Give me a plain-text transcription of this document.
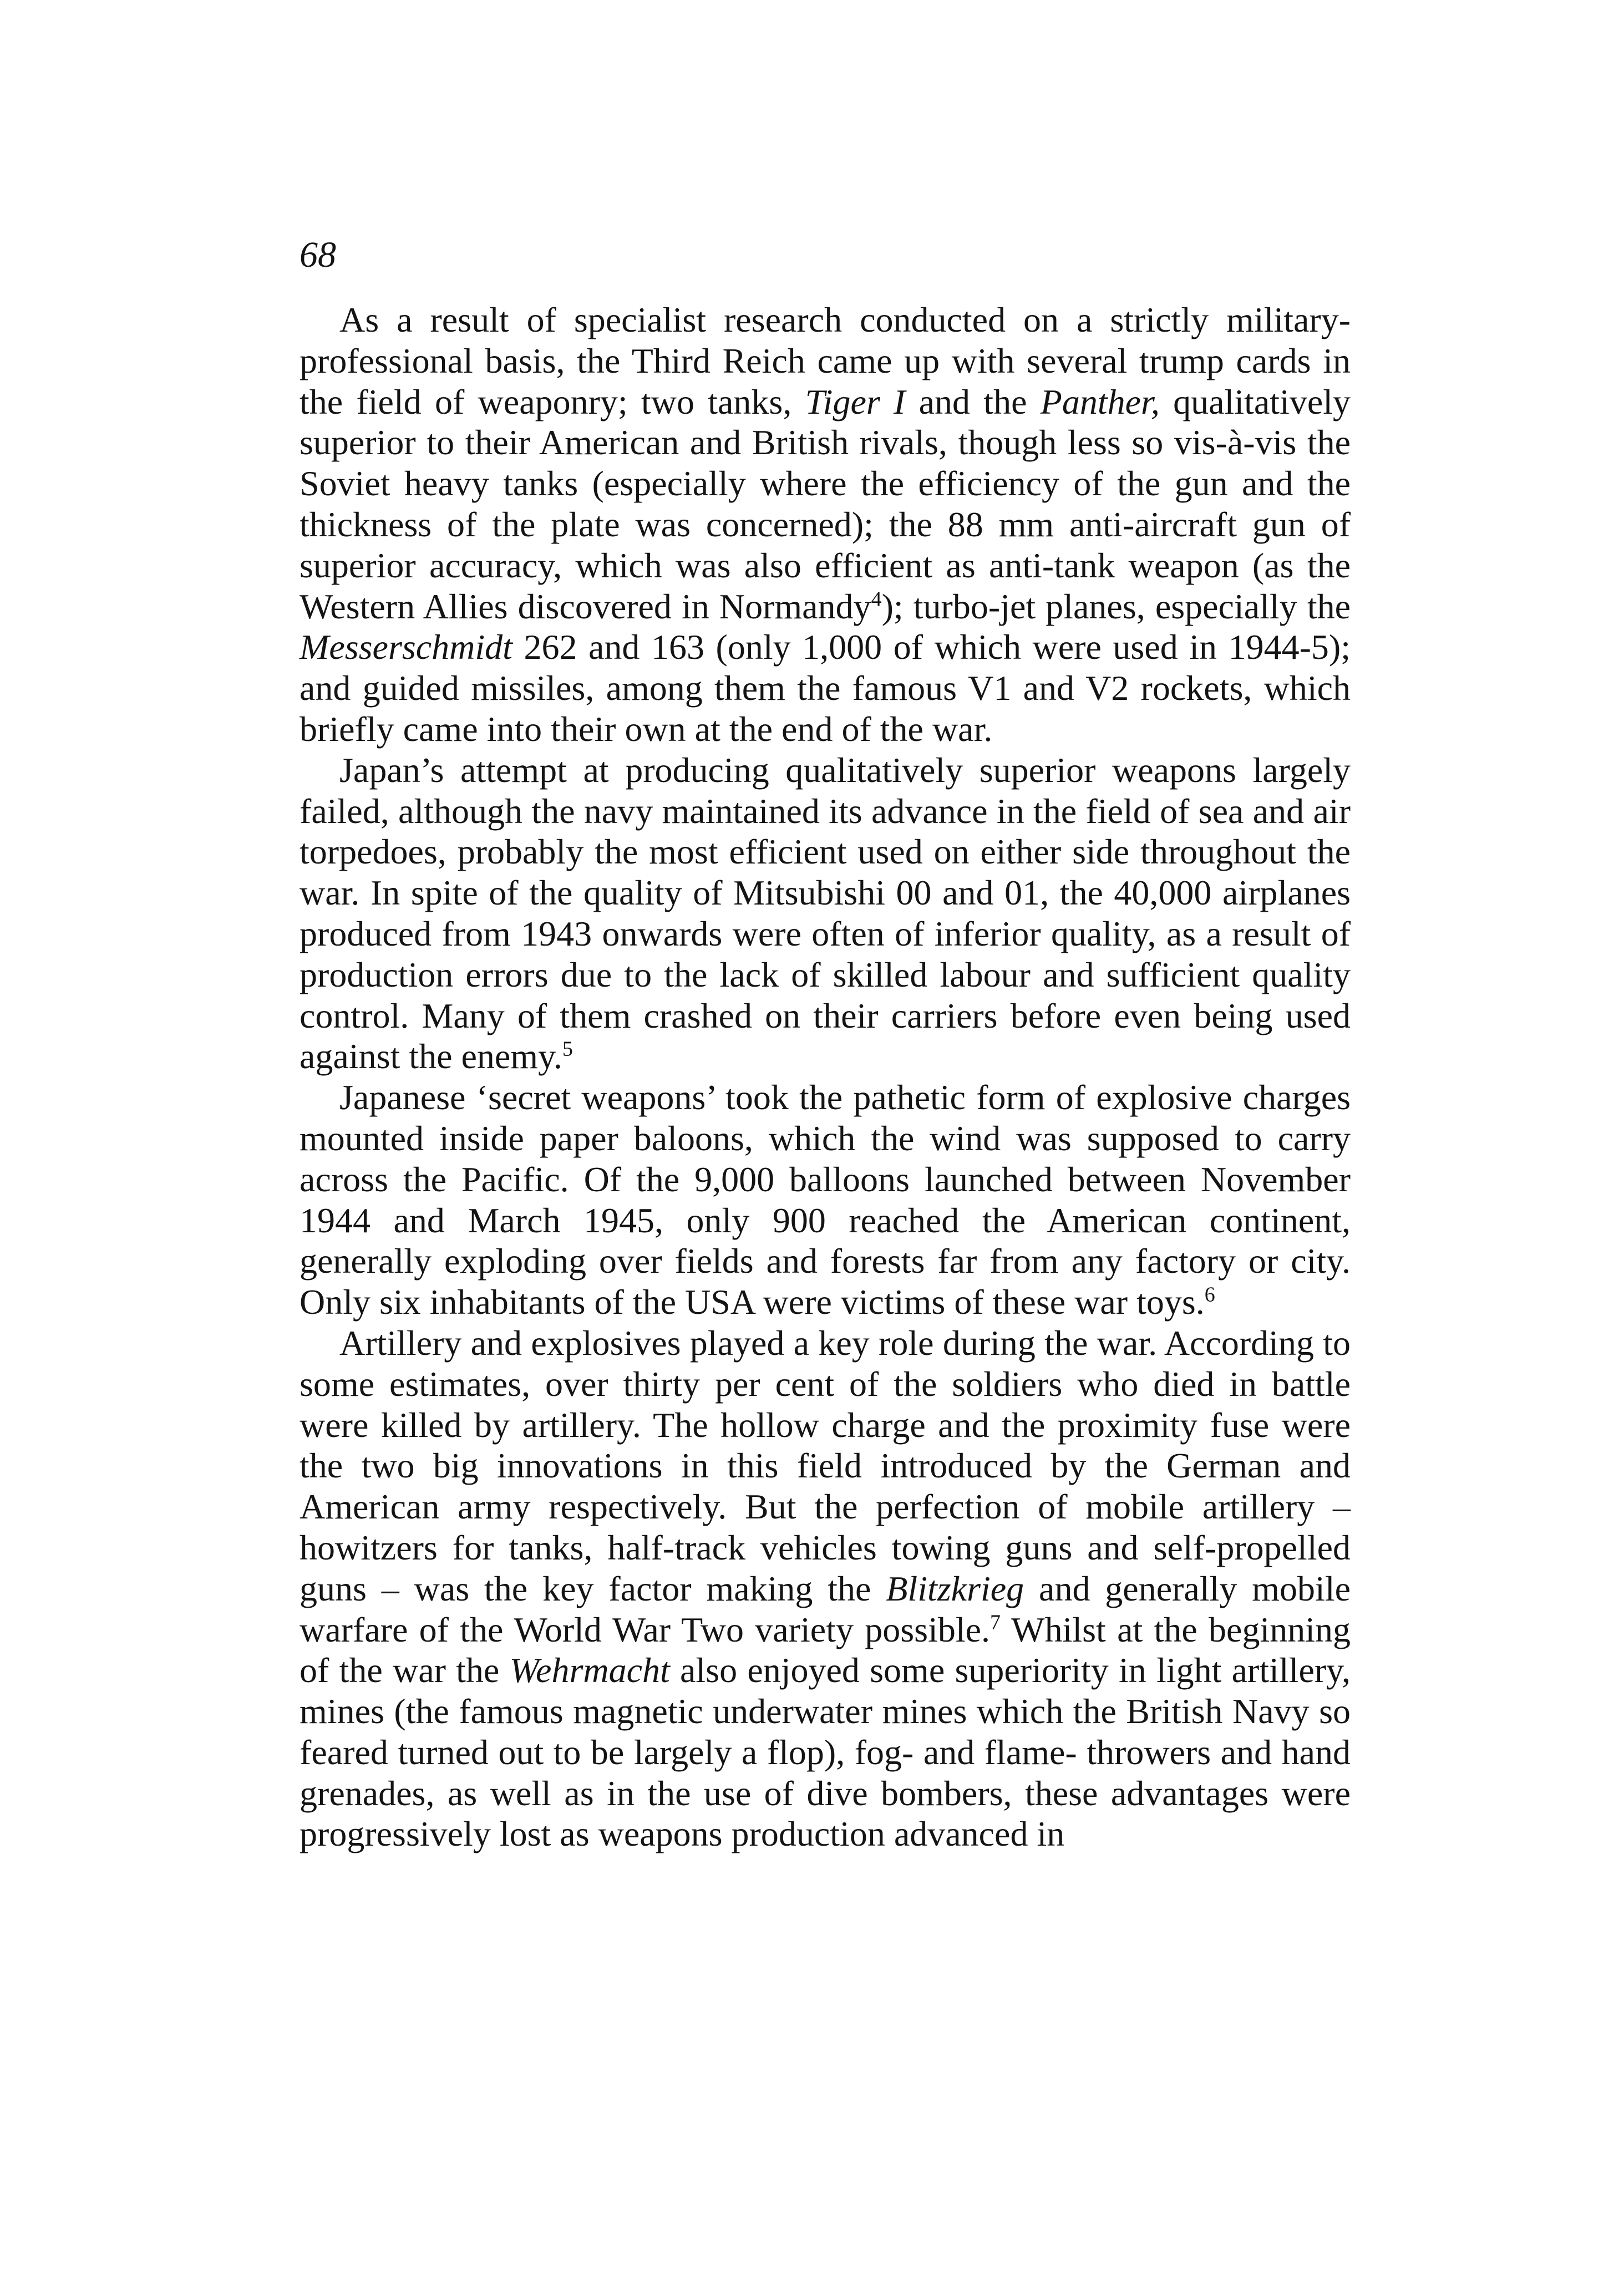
68

As a result of specialist research conducted on a strictly military-professional basis, the Third Reich came up with several trump cards in the field of weaponry; two tanks, Tiger I and the Panther, qualitatively superior to their American and British rivals, though less so vis-à-vis the Soviet heavy tanks (especially where the efficiency of the gun and the thickness of the plate was concerned); the 88 mm anti-aircraft gun of superior accuracy, which was also efficient as anti-tank weapon (as the Western Allies discovered in Normandy$^4$); turbo-jet planes, especially the Messerschmidt 262 and 163 (only 1,000 of which were used in 1944-5); and guided missiles, among them the famous V1 and V2 rockets, which briefly came into their own at the end of the war.

Japan’s attempt at producing qualitatively superior weapons largely failed, although the navy maintained its advance in the field of sea and air torpedoes, probably the most efficient used on either side throughout the war. In spite of the quality of Mitsubishi 00 and 01, the 40,000 airplanes produced from 1943 onwards were often of inferior quality, as a result of production errors due to the lack of skilled labour and sufficient quality control. Many of them crashed on their carriers before even being used against the enemy.$^5$

Japanese ‘secret weapons’ took the pathetic form of explosive charges mounted inside paper baloons, which the wind was supposed to carry across the Pacific. Of the 9,000 balloons launched between November 1944 and March 1945, only 900 reached the American continent, generally exploding over fields and forests far from any factory or city. Only six inhabitants of the USA were victims of these war toys.$^6$

Artillery and explosives played a key role during the war. According to some estimates, over thirty per cent of the soldiers who died in battle were killed by artillery. The hollow charge and the proximity fuse were the two big innovations in this field introduced by the German and American army respectively. But the perfection of mobile artillery – howitzers for tanks, half-track vehicles towing guns and self-propelled guns – was the key factor making the Blitzkrieg and generally mobile warfare of the World War Two variety possible.$^7$ Whilst at the beginning of the war the Wehrmacht also enjoyed some superiority in light artillery, mines (the famous magnetic underwater mines which the British Navy so feared turned out to be largely a flop), fog- and flame- throwers and hand grenades, as well as in the use of dive bombers, these advantages were progressively lost as weapons production advanced in
